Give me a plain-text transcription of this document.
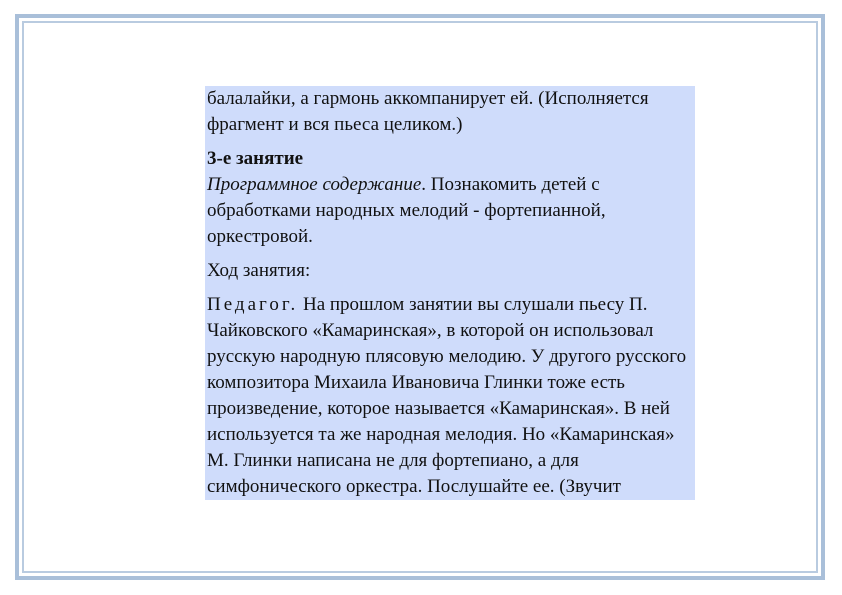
балалайки, а гармонь аккомпанирует ей. (Исполняется фрагмент и вся пьеса целиком.)

3-е занятие

Программное содержание. Познакомить детей с обработками народных мелодий - фортепианной, оркестровой.

Ход занятия:

Педагог. На прошлом занятии вы слушали пьесу П. Чайковского «Камаринская», в которой он использовал русскую народную плясовую мелодию. У другого русского композитора Михаила Ивановича Глинки тоже есть произведение, которое называется «Камаринская». В ней используется та же народная мелодия. Но «Камаринская» М. Глинки написана не для фортепиано, а для симфонического оркестра. Послушайте ее. (Звучит
